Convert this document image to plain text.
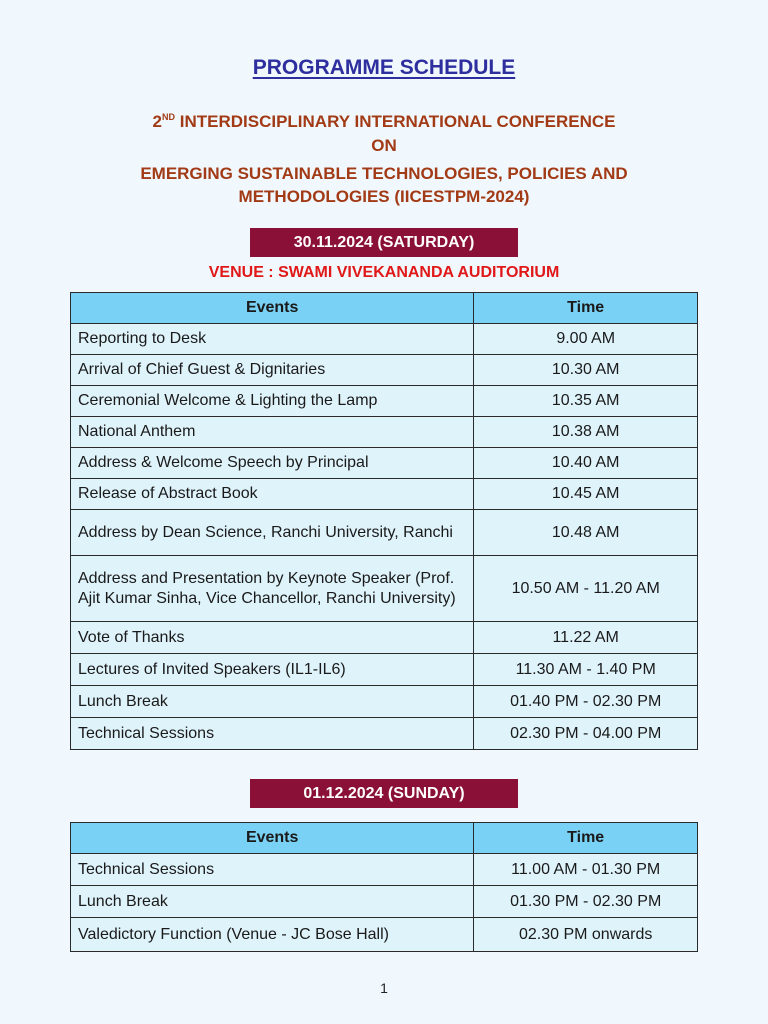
PROGRAMME SCHEDULE
2ND INTERDISCIPLINARY INTERNATIONAL CONFERENCE
ON
EMERGING SUSTAINABLE TECHNOLOGIES, POLICIES AND
METHODOLOGIES (IICESTPM-2024)
30.11.2024 (SATURDAY)
VENUE : SWAMI VIVEKANANDA AUDITORIUM
Events	Time
Reporting to Desk	9.00 AM
Arrival of Chief Guest & Dignitaries	10.30 AM
Ceremonial Welcome & Lighting the Lamp	10.35 AM
National Anthem	10.38 AM
Address & Welcome Speech by Principal	10.40 AM
Release of Abstract Book	10.45 AM
Address by Dean Science, Ranchi University, Ranchi	10.48 AM
Address and Presentation by Keynote Speaker (Prof. Ajit Kumar Sinha, Vice Chancellor, Ranchi University)	10.50 AM - 11.20 AM
Vote of Thanks	11.22 AM
Lectures of Invited Speakers (IL1-IL6)	11.30 AM - 1.40 PM
Lunch Break	01.40 PM - 02.30 PM
Technical Sessions	02.30 PM - 04.00 PM
01.12.2024 (SUNDAY)
Events	Time
Technical Sessions	11.00 AM - 01.30 PM
Lunch Break	01.30 PM - 02.30 PM
Valedictory Function (Venue - JC Bose Hall)	02.30 PM onwards
1
